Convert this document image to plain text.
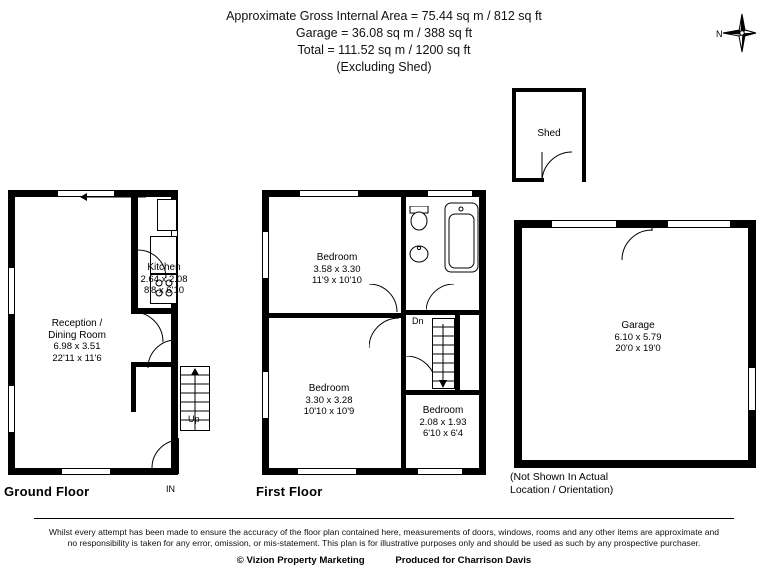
Approximate Gross Internal Area = 75.44 sq m / 812 sq ft
Garage = 36.08 sq m / 388 sq ft
Total = 111.52 sq m / 1200 sq ft
(Excluding Shed)
N
Kitchen
2.64 x 2.08
8'8 x 6'10
Reception /
Dining Room
6.98 x 3.51
22'11 x 11'6
Up
IN
Ground Floor
Bedroom
3.58 x 3.30
11'9 x 10'10
Bedroom
3.30 x 3.28
10'10 x 10'9	Bedroom
2.08 x 1.93
6'10 x 6'4
Dn
First Floor
Shed
Garage
6.10 x 5.79
20'0 x 19'0
(Not Shown In Actual
Location / Orientation)
Whilst every attempt has been made to ensure the accuracy of the floor plan contained here, measurements of doors, windows, rooms and any other items are approximate and
no responsibility is taken for any error, omission, or mis-statement. This plan is for illustrative purposes only and should be used as such by any prospective purchaser.
© Vizion Property Marketing	Produced for Charrison Davis
